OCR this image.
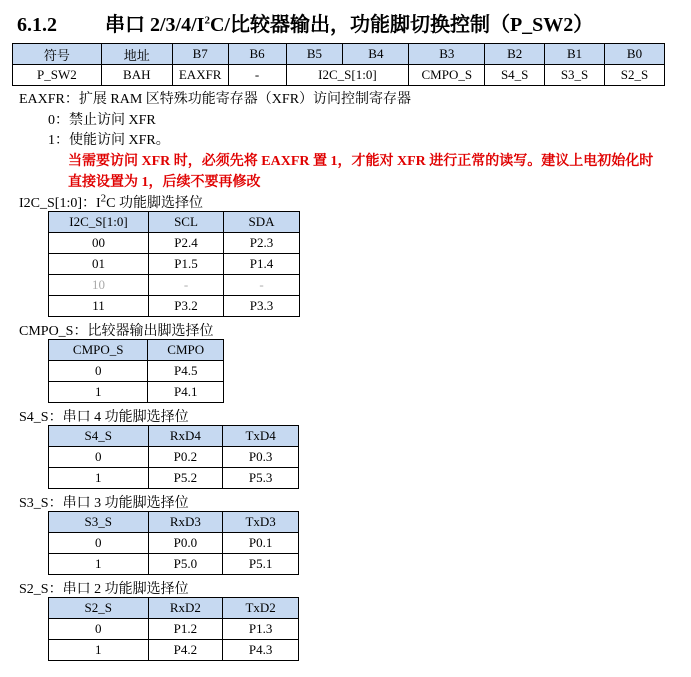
6.1.2 串口 $2/3/4/I^2C/$比较器输出，功能脚切换控制（P_SW2）
符号	地址	B7	B6	B5	B4	B3	B2	B1	B0
P_SW2	BAH	EAXFR	-	I2C_S[1:0]		CMPO_S	S4_S	S3_S	S2_S
EAXFR：扩展 RAM 区特殊功能寄存器（XFR）访问控制寄存器
0：禁止访问 XFR
1：使能访问 XFR。
当需要访问 XFR 时，必须先将 EAXFR 置 1，才能对 XFR 进行正常的读写。建议上电初始化时
直接设置为 1，后续不要再修改
I2C_S[1:0]：$I^2C$ 功能脚选择位
I2C_S[1:0]	SCL	SDA
00	P2.4	P2.3
01	P1.5	P1.4
10	-	-
11	P3.2	P3.3
CMPO_S：比较器输出脚选择位
CMPO_S	CMPO
0	P4.5
1	P4.1
S4_S：串口 4 功能脚选择位
S4_S	RxD4	TxD4
0	P0.2	P0.3
1	P5.2	P5.3
S3_S：串口 3 功能脚选择位
S3_S	RxD3	TxD3
0	P0.0	P0.1
1	P5.0	P5.1
S2_S：串口 2 功能脚选择位
S2_S	RxD2	TxD2
0	P1.2	P1.3
1	P4.2	P4.3
